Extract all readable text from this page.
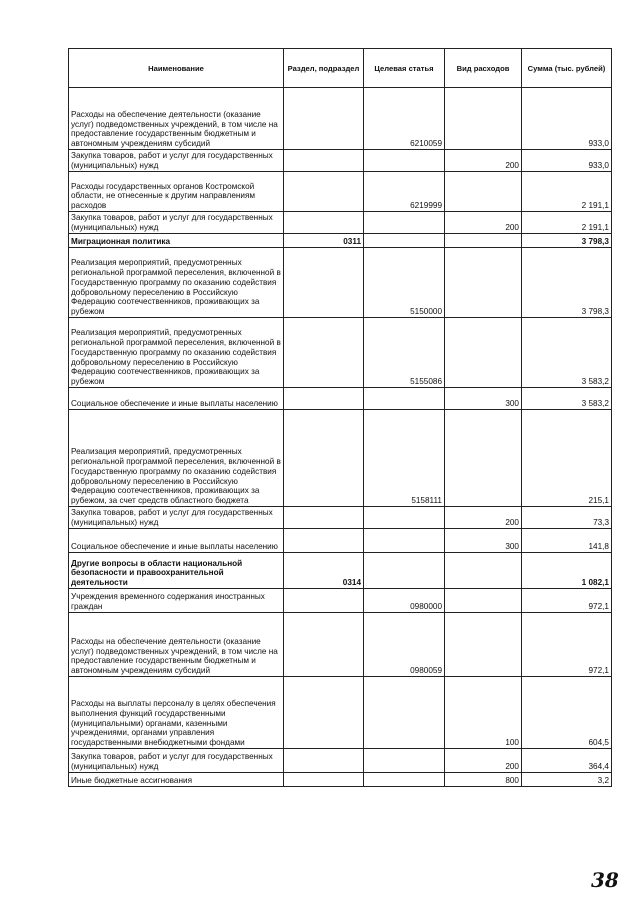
Наименование	Раздел, подраздел	Целевая статья	Вид расходов	Сумма (тыс. рублей)
Расходы на обеспечение деятельности (оказание услуг) подведомственных учреждений, в том числе на предоставление государственным бюджетным и автономным учреждениям субсидий		6210059		933,0
Закупка товаров, работ и услуг для государственных (муниципальных) нужд			200	933,0
Расходы государственных органов Костромской области, не отнесенные к другим направлениям расходов		6219999		2 191,1
Закупка товаров, работ и услуг для государственных (муниципальных) нужд			200	2 191,1
Миграционная политика	0311			3 798,3
Реализация мероприятий, предусмотренных региональной программой переселения, включенной в Государственную программу по оказанию содействия добровольному переселению в Российскую Федерацию соотечественников, проживающих за рубежом		5150000		3 798,3
Реализация мероприятий, предусмотренных региональной программой переселения, включенной в Государственную программу по оказанию содействия добровольному переселению в Российскую Федерацию соотечественников, проживающих за рубежом		5155086		3 583,2
Социальное обеспечение и иные выплаты населению			300	3 583,2
Реализация мероприятий, предусмотренных региональной программой переселения, включенной в Государственную программу по оказанию содействия добровольному переселению в Российскую Федерацию соотечественников, проживающих за рубежом, за счет средств областного бюджета		5158111		215,1
Закупка товаров, работ и услуг для государственных (муниципальных) нужд			200	73,3
Социальное обеспечение и иные выплаты населению			300	141,8
Другие вопросы в области национальной безопасности и правоохранительной деятельности	0314			1 082,1
Учреждения временного содержания иностранных граждан		0980000		972,1
Расходы на обеспечение деятельности (оказание услуг) подведомственных учреждений, в том числе на предоставление государственным бюджетным и автономным учреждениям субсидий		0980059		972,1
Расходы на выплаты персоналу в целях обеспечения выполнения функций государственными (муниципальными) органами, казенными учреждениями, органами управления государственными внебюджетными фондами			100	604,5
Закупка товаров, работ и услуг для государственных (муниципальных) нужд			200	364,4
Иные бюджетные ассигнования			800	3,2
38
